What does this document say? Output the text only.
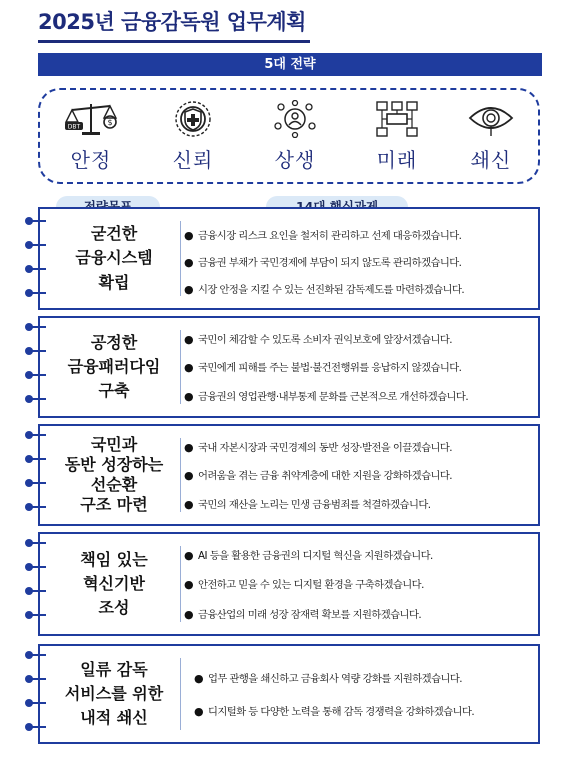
2025년 금융감독원 업무계획
5대 전략
DBT	$
안정	신뢰	상생	미래	쇄신
굳건한
금융시스템
확립
● 금융시장 리스크 요인을 철저히 관리하고 선제 대응하겠습니다.
● 금융권 부채가 국민경제에 부담이 되지 않도록 관리하겠습니다.
● 시장 안정을 지킬 수 있는 선진화된 감독제도를 마련하겠습니다.
공정한
금융패러다임
구축
● 국민이 체감할 수 있도록 소비자 권익보호에 앞장서겠습니다.
● 국민에게 피해를 주는 불법·불건전행위를 응납하지 않겠습니다.
● 금융권의 영업관행·내부통제 문화를 근본적으로 개선하겠습니다.
국민과
동반 성장하는
선순환
구조 마련
● 국내 자본시장과 국민경제의 동반 성장·발전을 이끌겠습니다.
● 어려움을 겪는 금융 취약계층에 대한 지원을 강화하겠습니다.
● 국민의 재산을 노리는 민생 금융범죄를 척결하겠습니다.
책임 있는
혁신기반
조성
● AI 등을 활용한 금융권의 디지털 혁신을 지원하겠습니다.
● 안전하고 믿을 수 있는 디지털 환경을 구축하겠습니다.
● 금융산업의 미래 성장 잠재력 확보를 지원하겠습니다.
일류 감독
서비스를 위한
내적 쇄신
● 업무 관행을 쇄신하고 금융회사 역량 강화를 지원하겠습니다.
● 디지털화 등 다양한 노력을 통해 감독 경쟁력을 강화하겠습니다.
